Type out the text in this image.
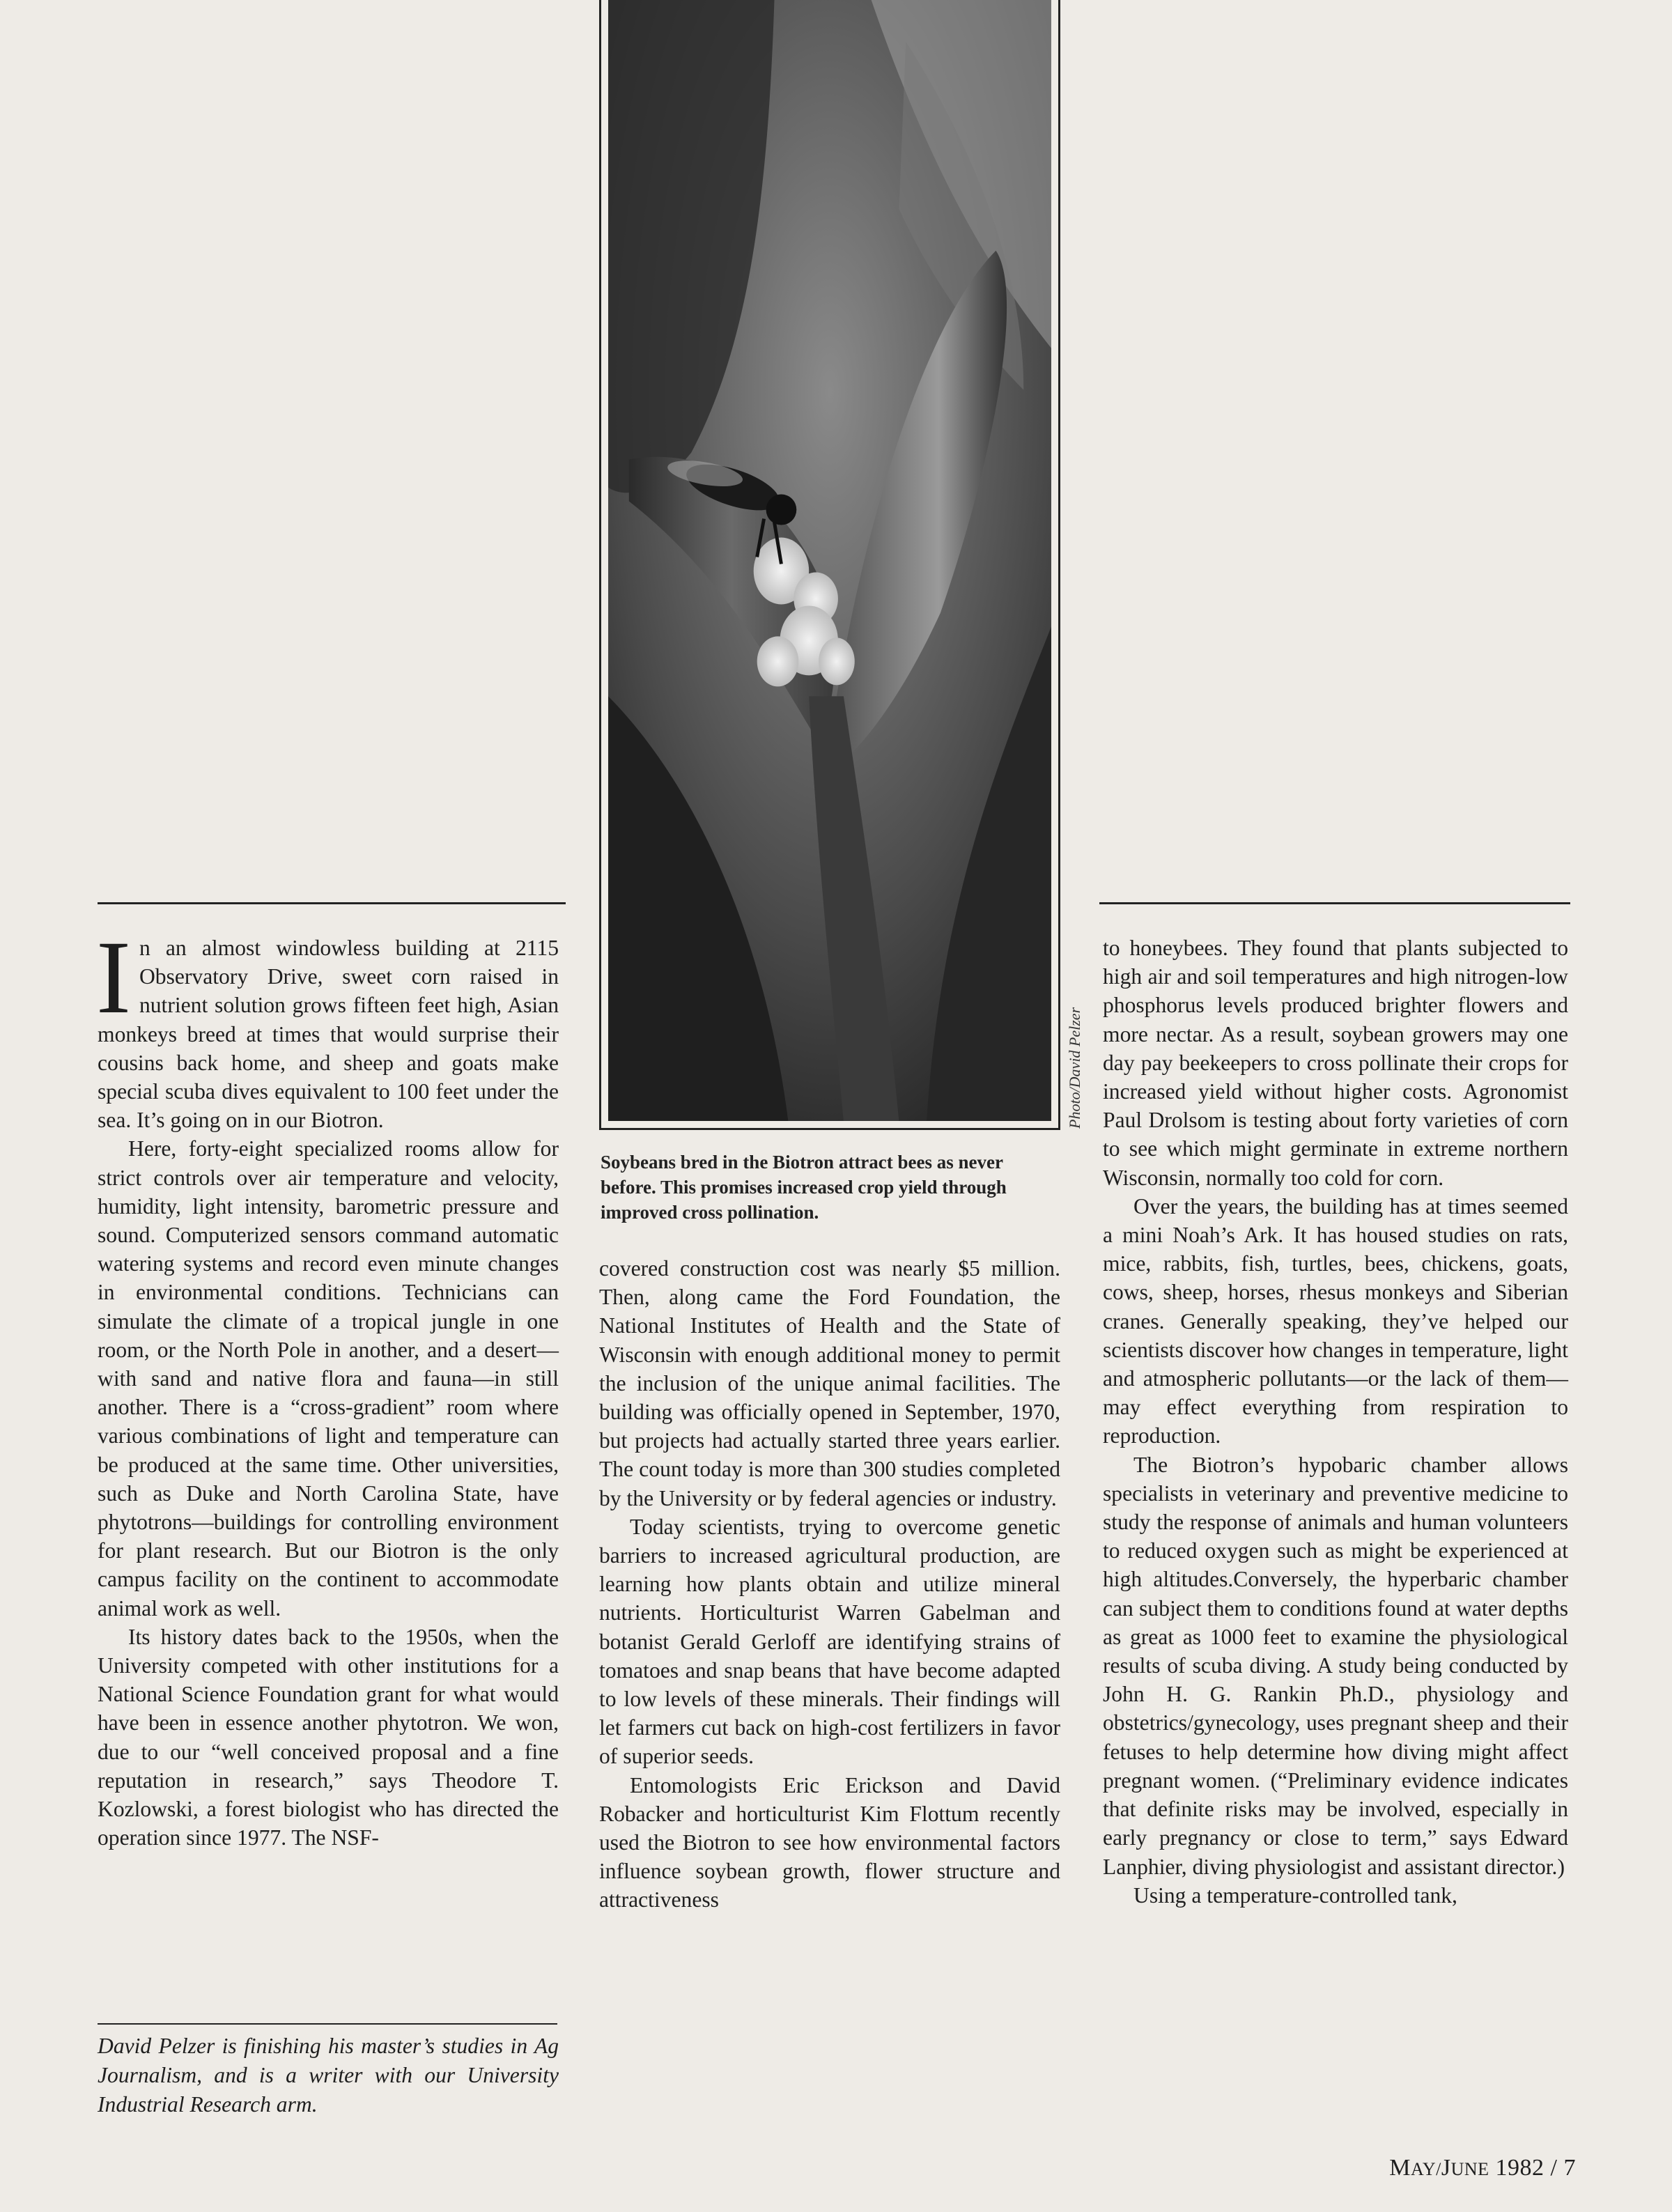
Photo/David Pelzer
Soybeans bred in the Biotron attract bees as never before. This promises increased crop yield through improved cross pollination.

In an almost windowless building at 2115 Observatory Drive, sweet corn raised in nutrient solution grows fifteen feet high, Asian monkeys breed at times that would surprise their cousins back home, and sheep and goats make special scuba dives equivalent to 100 feet under the sea. It’s going on in our Biotron.

Here, forty-eight specialized rooms allow for strict controls over air temperature and velocity, humidity, light intensity, barometric pressure and sound. Computerized sensors command automatic watering systems and record even minute changes in environmental conditions. Technicians can simulate the climate of a tropical jungle in one room, or the North Pole in another, and a desert—with sand and native flora and fauna—in still another. There is a “cross-gradient” room where various combinations of light and temperature can be produced at the same time. Other universities, such as Duke and North Carolina State, have phytotrons—buildings for controlling environment for plant research. But our Biotron is the only campus facility on the continent to accommodate animal work as well.

Its history dates back to the 1950s, when the University competed with other institutions for a National Science Foundation grant for what would have been in essence another phytotron. We won, due to our “well conceived proposal and a fine reputation in research,” says Theodore T. Kozlowski, a forest biologist who has directed the operation since 1977. The NSF-

covered construction cost was nearly $5 million. Then, along came the Ford Foundation, the National Institutes of Health and the State of Wisconsin with enough additional money to permit the inclusion of the unique animal facilities. The building was officially opened in September, 1970, but projects had actually started three years earlier. The count today is more than 300 studies completed by the University or by federal agencies or industry.

Today scientists, trying to overcome genetic barriers to increased agricultural production, are learning how plants obtain and utilize mineral nutrients. Horticulturist Warren Gabelman and botanist Gerald Gerloff are identifying strains of tomatoes and snap beans that have become adapted to low levels of these minerals. Their findings will let farmers cut back on high-cost fertilizers in favor of superior seeds.

Entomologists Eric Erickson and David Robacker and horticulturist Kim Flottum recently used the Biotron to see how environmental factors influence soybean growth, flower structure and attractiveness

to honeybees. They found that plants subjected to high air and soil temperatures and high nitrogen-low phosphorus levels produced brighter flowers and more nectar. As a result, soybean growers may one day pay beekeepers to cross pollinate their crops for increased yield without higher costs. Agronomist Paul Drolsom is testing about forty varieties of corn to see which might germinate in extreme northern Wisconsin, normally too cold for corn.

Over the years, the building has at times seemed a mini Noah’s Ark. It has housed studies on rats, mice, rabbits, fish, turtles, bees, chickens, goats, cows, sheep, horses, rhesus monkeys and Siberian cranes. Generally speaking, they’ve helped our scientists discover how changes in temperature, light and atmospheric pollutants—or the lack of them—may effect everything from respiration to reproduction.

The Biotron’s hypobaric chamber allows specialists in veterinary and preventive medicine to study the response of animals and human volunteers to reduced oxygen such as might be experienced at high altitudes.Conversely, the hyperbaric chamber can subject them to conditions found at water depths as great as 1000 feet to examine the physiological results of scuba diving. A study being conducted by John H. G. Rankin Ph.D., physiology and obstetrics/gynecology, uses pregnant sheep and their fetuses to help determine how diving might affect pregnant women. (“Preliminary evidence indicates that definite risks may be involved, especially in early pregnancy or close to term,” says Edward Lanphier, diving physiologist and assistant director.)

Using a temperature-controlled tank,

David Pelzer is finishing his master’s studies in Ag Journalism, and is a writer with our University Industrial Research arm.
MAY/JUNE 1982 / 7
